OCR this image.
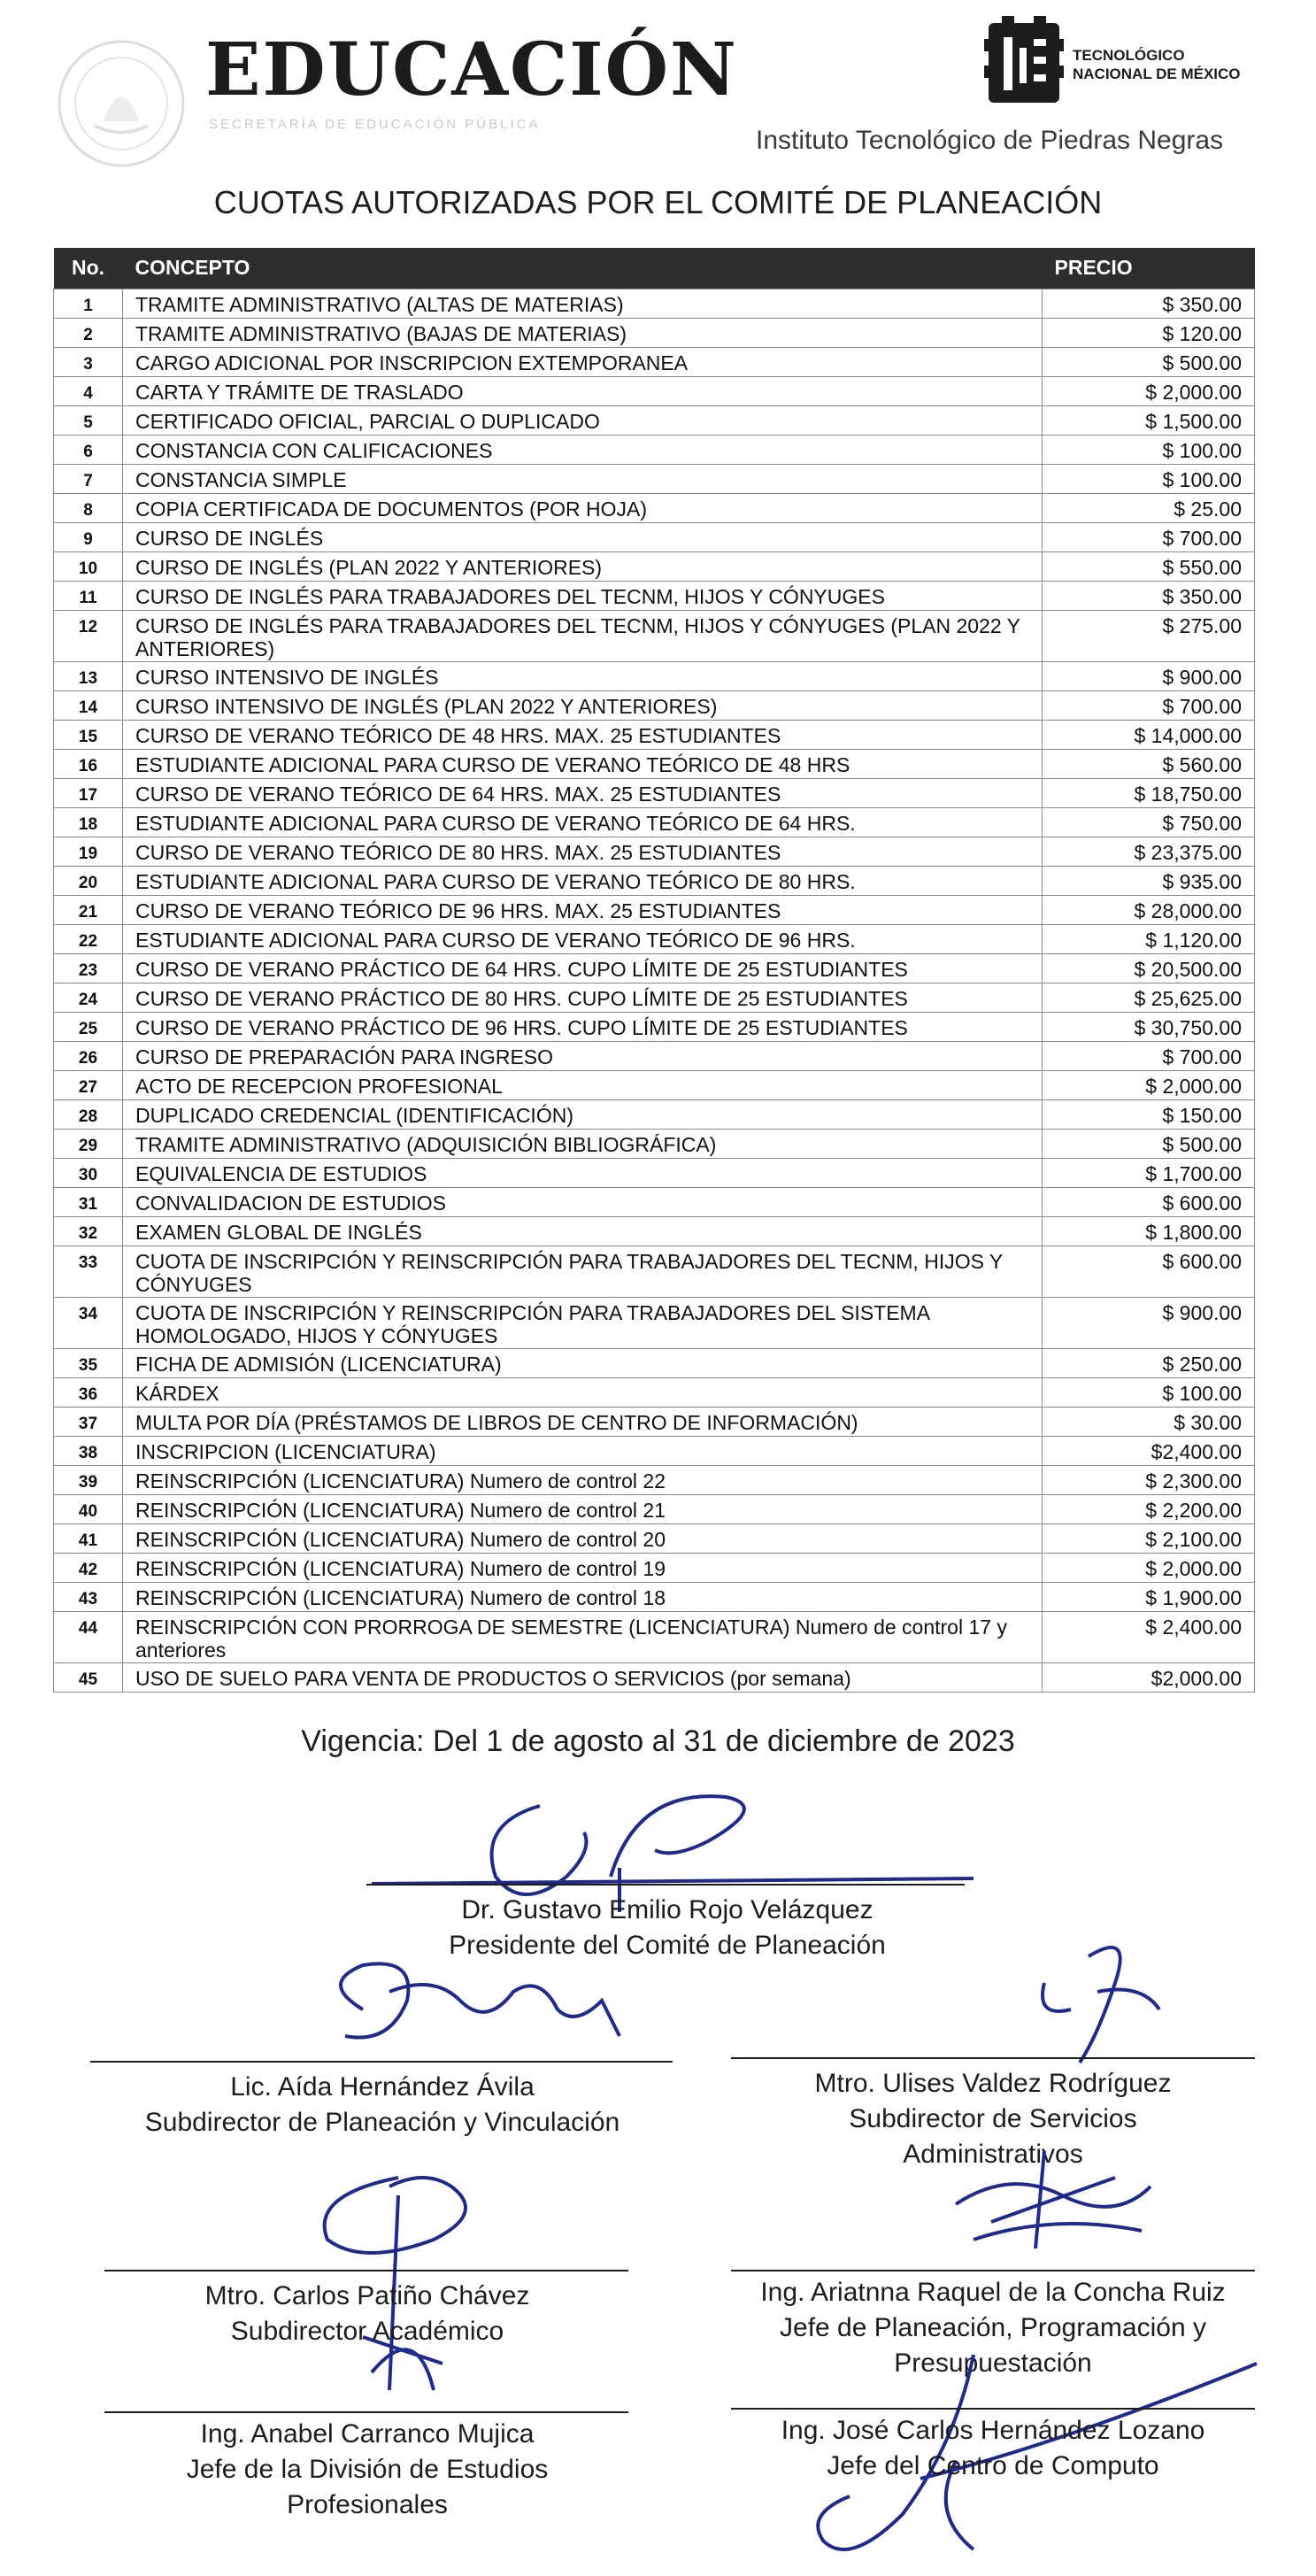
EDUCACIÓN
SECRETARÍA DE EDUCACIÓN PÚBLICA
TECNOLÓGICO
NACIONAL DE MÉXICO
Instituto Tecnológico de Piedras Negras
CUOTAS AUTORIZADAS POR EL COMITÉ DE PLANEACIÓN
No.	CONCEPTO	PRECIO
1	TRAMITE ADMINISTRATIVO (ALTAS DE MATERIAS)	$ 350.00
2	TRAMITE ADMINISTRATIVO (BAJAS DE MATERIAS)	$ 120.00
3	CARGO ADICIONAL POR INSCRIPCION EXTEMPORANEA	$ 500.00
4	CARTA Y TRÁMITE DE TRASLADO	$ 2,000.00
5	CERTIFICADO OFICIAL, PARCIAL O DUPLICADO	$ 1,500.00
6	CONSTANCIA CON CALIFICACIONES	$ 100.00
7	CONSTANCIA SIMPLE	$ 100.00
8	COPIA CERTIFICADA DE DOCUMENTOS (POR HOJA)	$ 25.00
9	CURSO DE INGLÉS	$ 700.00
10	CURSO DE INGLÉS (PLAN 2022 Y ANTERIORES)	$ 550.00
11	CURSO DE INGLÉS PARA TRABAJADORES DEL TECNM, HIJOS Y CÓNYUGES	$ 350.00
12	CURSO DE INGLÉS PARA TRABAJADORES DEL TECNM, HIJOS Y CÓNYUGES (PLAN 2022 Y ANTERIORES)	$ 275.00
13	CURSO INTENSIVO DE INGLÉS	$ 900.00
14	CURSO INTENSIVO DE INGLÉS (PLAN 2022 Y ANTERIORES)	$ 700.00
15	CURSO DE VERANO TEÓRICO DE 48 HRS. MAX. 25 ESTUDIANTES	$ 14,000.00
16	ESTUDIANTE ADICIONAL PARA CURSO DE VERANO TEÓRICO DE 48 HRS	$ 560.00
17	CURSO DE VERANO TEÓRICO DE 64 HRS. MAX. 25 ESTUDIANTES	$ 18,750.00
18	ESTUDIANTE ADICIONAL PARA CURSO DE VERANO TEÓRICO DE 64 HRS.	$ 750.00
19	CURSO DE VERANO TEÓRICO DE 80 HRS. MAX. 25 ESTUDIANTES	$ 23,375.00
20	ESTUDIANTE ADICIONAL PARA CURSO DE VERANO TEÓRICO DE 80 HRS.	$ 935.00
21	CURSO DE VERANO TEÓRICO DE 96 HRS. MAX. 25 ESTUDIANTES	$ 28,000.00
22	ESTUDIANTE ADICIONAL PARA CURSO DE VERANO TEÓRICO DE 96 HRS.	$ 1,120.00
23	CURSO DE VERANO PRÁCTICO DE 64 HRS. CUPO LÍMITE DE 25 ESTUDIANTES	$ 20,500.00
24	CURSO DE VERANO PRÁCTICO DE 80 HRS. CUPO LÍMITE DE 25 ESTUDIANTES	$ 25,625.00
25	CURSO DE VERANO PRÁCTICO DE 96 HRS. CUPO LÍMITE DE 25 ESTUDIANTES	$ 30,750.00
26	CURSO DE PREPARACIÓN PARA INGRESO	$ 700.00
27	ACTO DE RECEPCION PROFESIONAL	$ 2,000.00
28	DUPLICADO CREDENCIAL (IDENTIFICACIÓN)	$ 150.00
29	TRAMITE ADMINISTRATIVO (ADQUISICIÓN BIBLIOGRÁFICA)	$ 500.00
30	EQUIVALENCIA DE ESTUDIOS	$ 1,700.00
31	CONVALIDACION DE ESTUDIOS	$ 600.00
32	EXAMEN GLOBAL DE INGLÉS	$ 1,800.00
33	CUOTA DE INSCRIPCIÓN Y REINSCRIPCIÓN PARA TRABAJADORES DEL TECNM, HIJOS Y CÓNYUGES	$ 600.00
34	CUOTA DE INSCRIPCIÓN Y REINSCRIPCIÓN PARA TRABAJADORES DEL SISTEMA HOMOLOGADO, HIJOS Y CÓNYUGES	$ 900.00
35	FICHA DE ADMISIÓN (LICENCIATURA)	$ 250.00
36	KÁRDEX	$ 100.00
37	MULTA POR DÍA (PRÉSTAMOS DE LIBROS DE CENTRO DE INFORMACIÓN)	$ 30.00
38	INSCRIPCION (LICENCIATURA)	$2,400.00
39	REINSCRIPCIÓN (LICENCIATURA) Numero de control 22	$ 2,300.00
40	REINSCRIPCIÓN (LICENCIATURA) Numero de control 21	$ 2,200.00
41	REINSCRIPCIÓN (LICENCIATURA) Numero de control 20	$ 2,100.00
42	REINSCRIPCIÓN (LICENCIATURA) Numero de control 19	$ 2,000.00
43	REINSCRIPCIÓN (LICENCIATURA) Numero de control 18	$ 1,900.00
44	REINSCRIPCIÓN CON PRORROGA DE SEMESTRE (LICENCIATURA) Numero de control 17 y anteriores	$ 2,400.00
45	USO DE SUELO PARA VENTA DE PRODUCTOS O SERVICIOS (por semana)	$2,000.00
Vigencia: Del 1 de agosto al 31 de diciembre de 2023
Dr. Gustavo Emilio Rojo Velázquez
Presidente del Comité de Planeación
Lic. Aída Hernández Ávila
Subdirector de Planeación y Vinculación
Mtro. Ulises Valdez Rodríguez
Subdirector de Servicios
Administrativos
Mtro. Carlos Patiño Chávez
Subdirector Académico
Ing. Ariatnna Raquel de la Concha Ruiz
Jefe de Planeación, Programación y
Presupuestación
Ing. Anabel Carranco Mujica
Jefe de la División de Estudios
Profesionales
Ing. José Carlos Hernández Lozano
Jefe del Centro de Computo
